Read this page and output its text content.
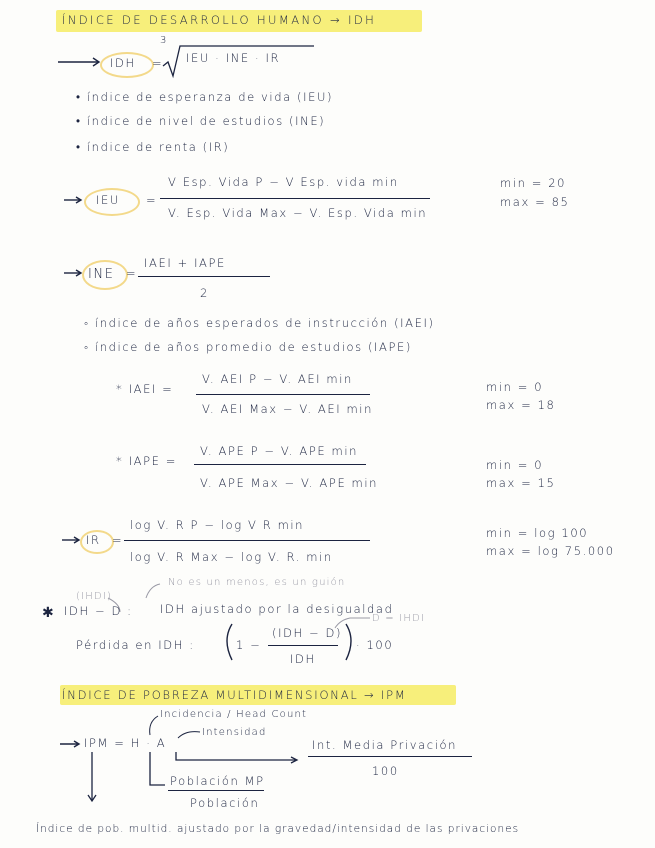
ÍNDICE DE DESARROLLO HUMANO → IDH
IDH =
3
IEU · INE · IR
• índice de esperanza de vida (IEU)
• índice de nivel de estudios (INE)
• índice de renta (IR)
IEU =
V Esp. Vida P − V Esp. vida min
V. Esp. Vida Max − V. Esp. Vida min
min = 20
max = 85
INE =
IAEI + IAPE
2
◦ índice de años esperados de instrucción (IAEI)
◦ índice de años promedio de estudios (IAPE)
* IAEI =
V. AEI P − V. AEI min
V. AEI Max − V. AEI min
min = 0
max = 18
* IAPE =
V. APE P − V. APE min
V. APE Max − V. APE min
min = 0
max = 15
IR =
log V. R P − log V R min
log V. R Max − log V. R. min
min = log 100
max = log 75.000
No es un menos, es un guión
(IHDI)
✱ IDH − D : IDH ajustado por la desigualdad
D = IHDI
Pérdida en IDH :	1 −
(IDH − D)
IDH
· 100
ÍNDICE DE POBREZA MULTIDIMENSIONAL → IPM
Incidencia / Head Count
IPM = H · A
Intensidad
Int. Media Privación
100
Población MP
Población
Índice de pob. multid. ajustado por la gravedad/intensidad de las privaciones
